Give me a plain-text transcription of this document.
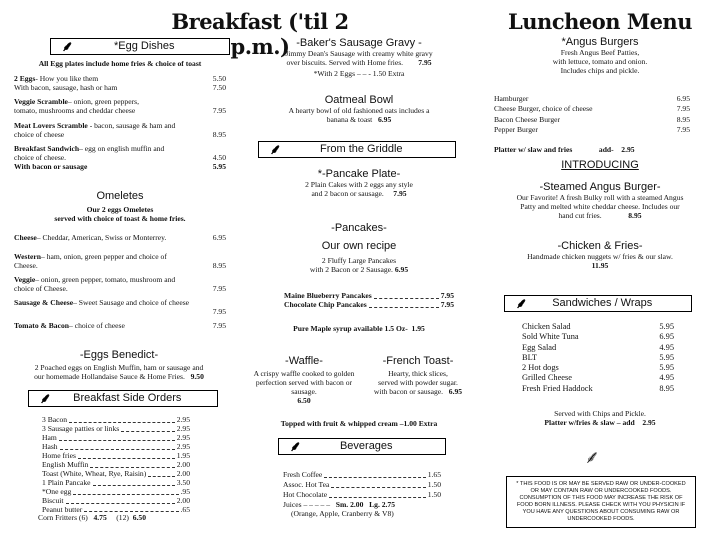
Breakfast ('til 2 p.m.)
⸙	*Egg Dishes
All Egg plates include home fries & choice of toast
2 Eggs- How you like them	5.50
With bacon, sausage, hash or ham	7.50
Veggie Scramble– onion, green peppers,
tomato, mushrooms and cheddar cheese	7.95
Meat Lovers Scramble - bacon, sausage & ham and
choice of cheese	8.95
Breakfast Sandwich– egg on english muffin and
choice of cheese.	4.50
With bacon or sausage	5.95
Omeletes
Our 2 eggs Omeletes
served with choice of toast & home fries.
Cheese– Cheddar, American, Swiss or Monterrey.	6.95
Western– ham, onion, green pepper and choice of
Cheese.	8.95
Veggie– onion, green pepper, tomato, mushroom and
choice of Cheese.	7.95
Sausage & Cheese– Sweet Sausage and choice of cheese
7.95
Tomato & Bacon– choice of cheese	7.95
-Eggs Benedict-
2 Poached eggs on English Muffin, ham or sausage and
our homemade Hollandaise Sauce & Home Fries. 9.50
⸙	Breakfast Side Orders
3 Bacon	2.95
3 Sausage patties or links	2.95
Ham	2.95
Hash	2.95
Home fries	1.95
English Muffin	2.00
Toast (White, Wheat, Rye, Raisin)	2.00
1 Plain Pancake	3.50
*One egg	.95
Biscuit	2.00
Peanut butter	.65
Corn Fritters (6) 4.75 (12) 6.50
-Baker's Sausage Gravy -
Jimmy Dean's Sausage with creamy white gravy
over biscuits. Served with Home fries. 7.95
*With 2 Eggs – – - 1.50 Extra
Oatmeal Bowl
A hearty bowl of old fashioned oats includes a
banana & toast 6.95
⸙	From the Griddle
*-Pancake Plate-
2 Plain Cakes with 2 eggs any style
and 2 bacon or sausage. 7.95
-Pancakes-
Our own recipe
2 Fluffy Large Pancakes
with 2 Bacon or 2 Sausage. 6.95
Maine Blueberry Pancakes	7.95
Chocolate Chip Pancakes	7.95
Pure Maple syrup available 1.5 Oz- 1.95
-Waffle-
A crispy waffle cooked to golden perfection served with bacon or sausage.
6.50
-French Toast-
Hearty, thick slices,
served with powder sugar.
with bacon or sausage. 6.95
Topped with fruit & whipped cream –1.00 Extra
⸙	Beverages
Fresh Coffee	1.65
Assoc. Hot Tea	1.50
Hot Chocolate	1.50
Juices – – – – –   Sm. 2.00 Lg. 2.75
(Orange, Apple, Cranberry & V8)
Luncheon Menu
*Angus Burgers
Fresh Angus Beef Patties,
with lettuce, tomato and onion.
Includes chips and pickle.
Hamburger	6.95
Cheese Burger, choice of cheese	7.95
Bacon Cheese Burger	8.95
Pepper Burger	7.95
Platter w/ slaw and fries	add- 2.95
INTRODUCING
-Steamed Angus Burger-
Our Favorite! A fresh Bulky roll with a steamed Angus
Patty and melted white cheddar cheese. Includes our
hand cut fries.	8.95
-Chicken & Fries-
Handmade chicken nuggets w/ fries & our slaw.
11.95
⸙	Sandwiches / Wraps
Chicken Salad	5.95
Sold White Tuna	6.95
Egg Salad	4.95
BLT	5.95
2 Hot dogs	5.95
Grilled Cheese	4.95
Fresh Fried Haddock	8.95
Served with Chips and Pickle.
Platter w/fries & slaw – add 2.95
⸙
* THIS FOOD IS OR MAY BE SERVED RAW OR UNDER-COOKED OR MAY CONTAIN RAW OR UNDERCOOKED FOODS. CONSUMPTION OF THIS FOOD MAY INCREASE THE RISK OF FOOD BORN ILLNESS. PLEASE CHECK WITH YOU PHYSICIN IF YOU HAVE ANY QUESTIONS ABOUT CONSUMING RAW OR UNDERCOOKED FOODS.
